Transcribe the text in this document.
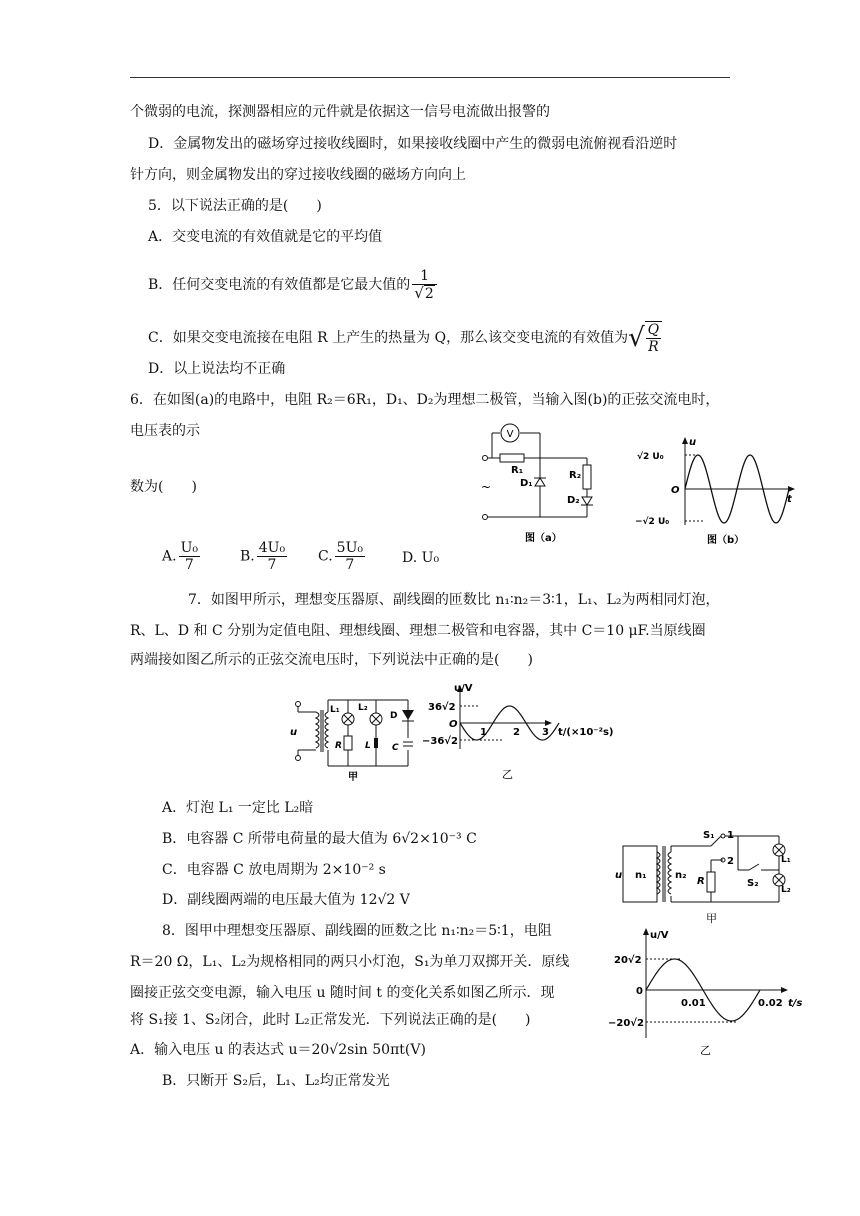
个微弱的电流，探测器相应的元件就是依据这一信号电流做出报警的
D．金属物发出的磁场穿过接收线圈时，如果接收线圈中产生的微弱电流俯视看沿逆时
针方向，则金属物发出的穿过接收线圈的磁场方向向上
5．以下说法正确的是(　　)
A．交变电流的有效值就是它的平均值
B．任何交变电流的有效值都是它最大值的 $\frac{1}{√2}$
C．如果交变电流接在电阻 R 上产生的热量为 Q，那么该交变电流的有效值为√ $\frac{Q}{R}$
D．以上说法均不正确
6．在如图(a)的电路中，电阻 R₂＝6R₁，D₁、D₂为理想二极管，当输入图(b)的正弦交流电时，
电压表的示
数为(　　)
A. $\frac{\text{U₀}}{7}$	B. $\frac{\text{4U₀}}{7} C$. $\frac{\text{5U₀}}{7}$	D. U₀
V
R₁
D₁
R₂
D₂
~
图（a）
u
t
O
√2 U₀
−√2 U₀
图（b）
7．如图甲所示，理想变压器原、副线圈的匝数比 n₁∶n₂＝3∶1，L₁、L₂为两相同灯泡，
R、L、D 和 C 分别为定值电阻、理想线圈、理想二极管和电容器，其中 C＝10 μF.当原线圈
两端接如图乙所示的正弦交流电压时，下列说法中正确的是(　　)
u
L₁ L₂
R	L
D
C
甲
u/V
36√2
−36√2
O
1	2 3 t/(×10⁻²s)
乙
A．灯泡 L₁ 一定比 L₂暗
B．电容器 C 所带电荷量的最大值为 6√2×10⁻³ C
C．电容器 C 放电周期为 2×10⁻² s
D．副线圈两端的电压最大值为 12√2 V
8．图甲中理想变压器原、副线圈的匝数之比 n₁∶n₂＝5∶1，电阻
R＝20 Ω，L₁、L₂为规格相同的两只小灯泡，S₁为单刀双掷开关．原线
圈接正弦交变电源，输入电压 u 随时间 t 的变化关系如图乙所示．现
将 S₁接 1、S₂闭合，此时 L₂正常发光．下列说法正确的是(　　)
A．输入电压 u 的表达式 u＝20√2sin 50πt(V)
B．只断开 S₂后，L₁、L₂均正常发光
u n₁	n₂
R
S₁ 1
2
S₂
L₁
L₂
甲
u/V
20√2
−20√2
0
0.01	0.02 t/s
乙
